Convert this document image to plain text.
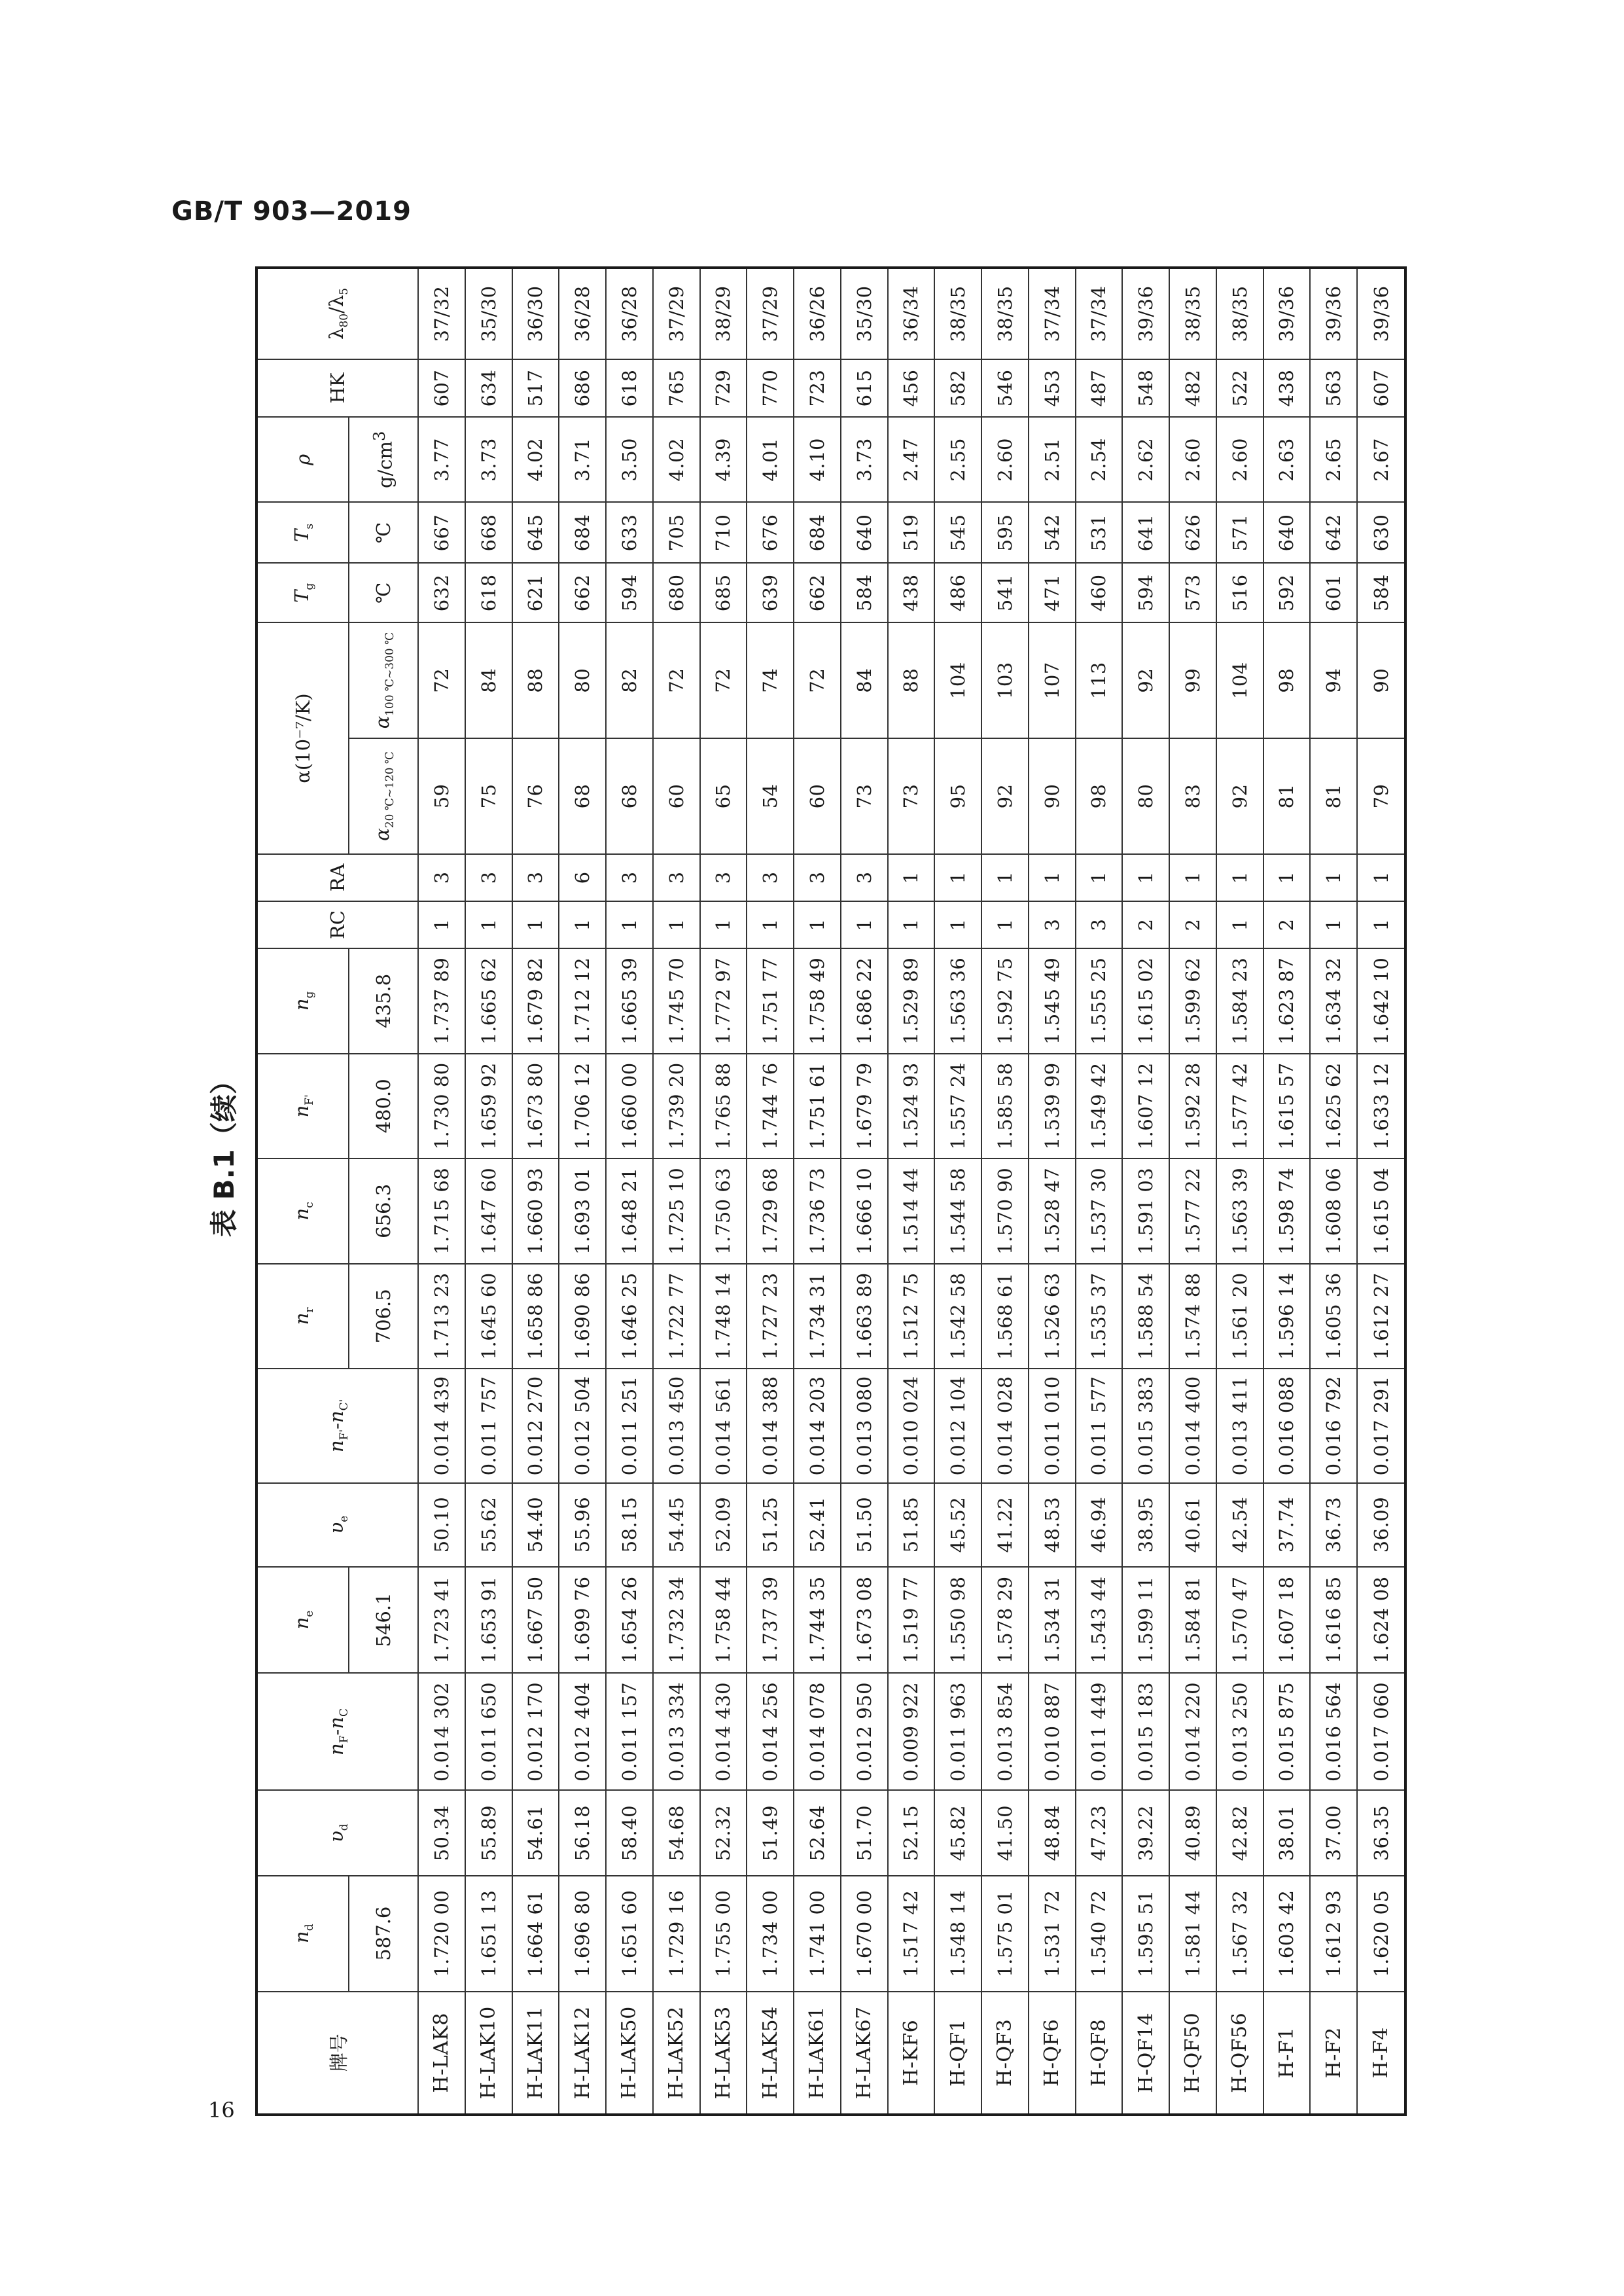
GB/T 903—2019
表 B.1（续）
16
牌号	$n_d$	$\upsilon_d$	$n_F-n_C$	$n_e$	$\upsilon_e$	$n_{F'}-n_{C'}$	$n_r$	$n_c$	$n_{F'}$	$n_g$	RC	RA	α(10⁻⁷/K)		$T_g$	$T_s$	ρ	HK	$\lambda_{80}/\lambda_5$
	587.6			546.1			706.5	656.3	480.0	435.8			$\alpha_{20 ℃\sim 120 ℃}$	$\alpha_{100 ℃\sim 300 ℃}$	℃	℃	$g/cm^3$
H-LAK8	1.720 00	50.34	0.014 302	1.723 41	50.10	0.014 439	1.713 23	1.715 68	1.730 80	1.737 89	1	3	59	72	632	667	3.77	607	37/32
H-LAK10	1.651 13	55.89	0.011 650	1.653 91	55.62	0.011 757	1.645 60	1.647 60	1.659 92	1.665 62	1	3	75	84	618	668	3.73	634	35/30
H-LAK11	1.664 61	54.61	0.012 170	1.667 50	54.40	0.012 270	1.658 86	1.660 93	1.673 80	1.679 82	1	3	76	88	621	645	4.02	517	36/30
H-LAK12	1.696 80	56.18	0.012 404	1.699 76	55.96	0.012 504	1.690 86	1.693 01	1.706 12	1.712 12	1	6	68	80	662	684	3.71	686	36/28
H-LAK50	1.651 60	58.40	0.011 157	1.654 26	58.15	0.011 251	1.646 25	1.648 21	1.660 00	1.665 39	1	3	68	82	594	633	3.50	618	36/28
H-LAK52	1.729 16	54.68	0.013 334	1.732 34	54.45	0.013 450	1.722 77	1.725 10	1.739 20	1.745 70	1	3	60	72	680	705	4.02	765	37/29
H-LAK53	1.755 00	52.32	0.014 430	1.758 44	52.09	0.014 561	1.748 14	1.750 63	1.765 88	1.772 97	1	3	65	72	685	710	4.39	729	38/29
H-LAK54	1.734 00	51.49	0.014 256	1.737 39	51.25	0.014 388	1.727 23	1.729 68	1.744 76	1.751 77	1	3	54	74	639	676	4.01	770	37/29
H-LAK61	1.741 00	52.64	0.014 078	1.744 35	52.41	0.014 203	1.734 31	1.736 73	1.751 61	1.758 49	1	3	60	72	662	684	4.10	723	36/26
H-LAK67	1.670 00	51.70	0.012 950	1.673 08	51.50	0.013 080	1.663 89	1.666 10	1.679 79	1.686 22	1	3	73	84	584	640	3.73	615	35/30
H-KF6	1.517 42	52.15	0.009 922	1.519 77	51.85	0.010 024	1.512 75	1.514 44	1.524 93	1.529 89	1	1	73	88	438	519	2.47	456	36/34
H-QF1	1.548 14	45.82	0.011 963	1.550 98	45.52	0.012 104	1.542 58	1.544 58	1.557 24	1.563 36	1	1	95	104	486	545	2.55	582	38/35
H-QF3	1.575 01	41.50	0.013 854	1.578 29	41.22	0.014 028	1.568 61	1.570 90	1.585 58	1.592 75	1	1	92	103	541	595	2.60	546	38/35
H-QF6	1.531 72	48.84	0.010 887	1.534 31	48.53	0.011 010	1.526 63	1.528 47	1.539 99	1.545 49	3	1	90	107	471	542	2.51	453	37/34
H-QF8	1.540 72	47.23	0.011 449	1.543 44	46.94	0.011 577	1.535 37	1.537 30	1.549 42	1.555 25	3	1	98	113	460	531	2.54	487	37/34
H-QF14	1.595 51	39.22	0.015 183	1.599 11	38.95	0.015 383	1.588 54	1.591 03	1.607 12	1.615 02	2	1	80	92	594	641	2.62	548	39/36
H-QF50	1.581 44	40.89	0.014 220	1.584 81	40.61	0.014 400	1.574 88	1.577 22	1.592 28	1.599 62	2	1	83	99	573	626	2.60	482	38/35
H-QF56	1.567 32	42.82	0.013 250	1.570 47	42.54	0.013 411	1.561 20	1.563 39	1.577 42	1.584 23	1	1	92	104	516	571	2.60	522	38/35
H-F1	1.603 42	38.01	0.015 875	1.607 18	37.74	0.016 088	1.596 14	1.598 74	1.615 57	1.623 87	2	1	81	98	592	640	2.63	438	39/36
H-F2	1.612 93	37.00	0.016 564	1.616 85	36.73	0.016 792	1.605 36	1.608 06	1.625 62	1.634 32	1	1	81	94	601	642	2.65	563	39/36
H-F4	1.620 05	36.35	0.017 060	1.624 08	36.09	0.017 291	1.612 27	1.615 04	1.633 12	1.642 10	1	1	79	90	584	630	2.67	607	39/36
